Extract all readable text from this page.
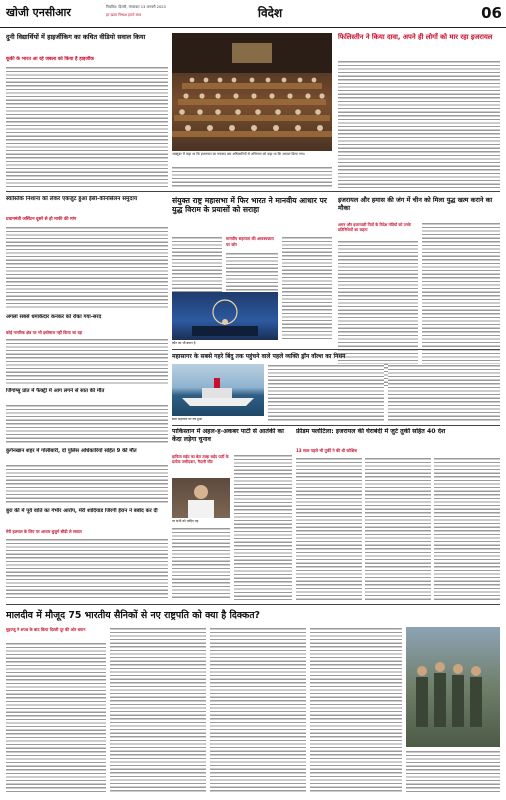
खोजी एनसीआर	नियमित: दिल्ली, मंगलवार 13 जनवरी 2023
हर ख़बर निष्पक्ष हमारे साथ	विदेश	06
दुनी विद्यार्थियों में हाइर्जीकिग का कथित वीडियो सवाल किया
कूकी के भारत आ रहे जबला को किया है हाइर्जीक
अक्तूबर में कहा था कि इजरायल का मकसद बस अधिकारियों से अभियान को कहा था कि आपात किया गया।
फिलिस्तीन ने किया दावा, अपने ही लोगों को मार रहा इजरायल
स्वास्तिक निशाना को लेकर एकजुट हुआ ईसी-कौनसिलन समुदाय
प्रधानमंत्री जसिंटन दूसरे से हो माफी की मांग
अगला सबसे धमाकेदार कनकर को रोका गया-सरद
कोई नागरिक क्षेत्र पर भी इस्तेमाल नहीं किया जा रहा
जिंगांग्सु प्रांत में फैक्ट्री में आग लगने से सात की मौत
कुर्गनखान शहर में गोलीबारी, दो पुलिस अधिकारियों सहित 9 की मौत
बुरा की में पूर्व वाति का गंभीर आरोप, मेरी शादियाड जिरगी ईरान ने बर्बाद कर दी
मेरी हलचल के लिए पर आधार बुजुर्ग सीडी ले सवाल
संयुक्त राष्ट्र महासभा में फिर भारत ने मानवीय आधार पर युद्ध विराम के प्रयासों को सराहा
मानवीय सहायता की आवश्यकता पर जोर
कौन का भी बयान है
इजरायल और हमास की जंग में चीन को मिला युद्ध खत्म कराने का मौका
अमन और इजरायली पियों के विदेश मंत्रियों को उनके प्रतिनिधियों का कहना
महासागर के सबसे गहरे बिंदु तक पहुंचने वाले पहले व्यक्ति ड्रॉन वॉल्श का निधन
सारा सहायता पर नष्ट हुआ
पाकिस्तान में अहल-ह-अकबर पार्टी से आतंकी का केंदा लड़ेगा चुनाव
हाफिज सईद का बेटा तल्हा सईद पार्टी के प्रत्येक उम्मीदवार, मैदानी सीट
पर सभी को चाहिए यह
फ्रीडम फ्लोटिला: इजरायल की घेराबंदी में जुटे तुर्की सहित 40 देश
13 साल पहले भी तुर्की ने की थी कोशिश
मालदीव में मौजूद 75 भारतीय सैनिकों से नए राष्ट्रपति को क्या है दिक्कत?
मुइज्जू ने शपथ के बाद किया दिल्ली दूर की ओर बयान
